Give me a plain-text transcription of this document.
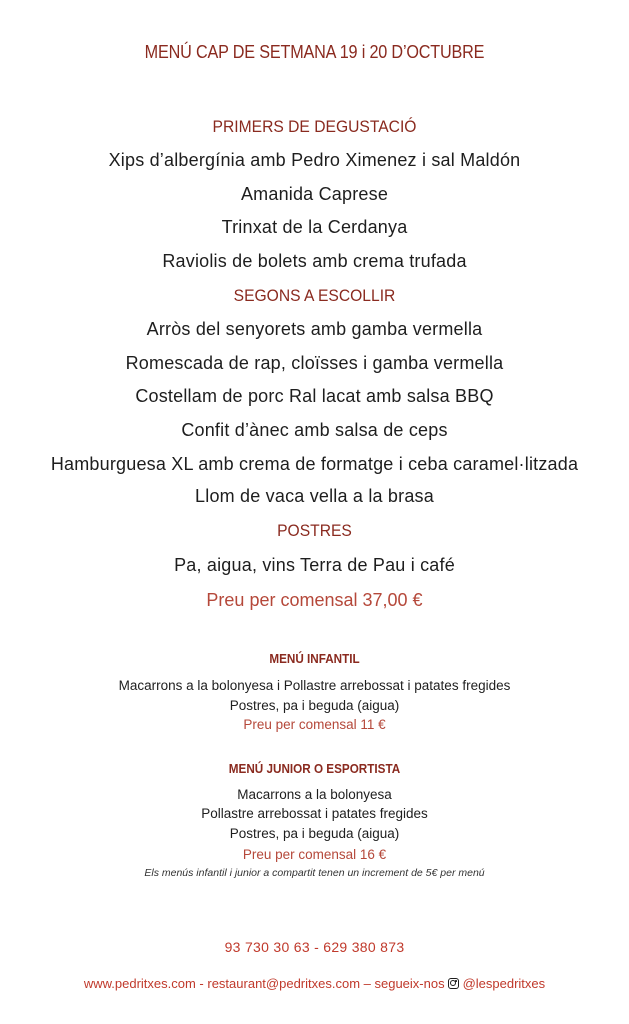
MENÚ CAP DE SETMANA 19 i 20 D’OCTUBRE
PRIMERS DE DEGUSTACIÓ
Xips d’albergínia amb Pedro Ximenez i sal Maldón
Amanida Caprese
Trinxat de la Cerdanya
Raviolis de bolets amb crema trufada
SEGONS A ESCOLLIR
Arròs del senyorets amb gamba vermella
Romescada de rap, cloïsses i gamba vermella
Costellam de porc Ral lacat amb salsa BBQ
Confit d’ànec amb salsa de ceps
Hamburguesa XL amb crema de formatge i ceba caramel·litzada
Llom de vaca vella a la brasa
POSTRES
Pa, aigua, vins Terra de Pau i café
Preu per comensal 37,00 €
MENÚ INFANTIL
Macarrons a la bolonyesa i Pollastre arrebossat i patates fregides
Postres, pa i beguda (aigua)
Preu per comensal 11 €
MENÚ JUNIOR O ESPORTISTA
Macarrons a la bolonyesa
Pollastre arrebossat i patates fregides
Postres, pa i beguda (aigua)
Preu per comensal 16 €
Els menús infantil i junior a compartit tenen un increment de 5€ per menú
93 730 30 63 - 629 380 873
www.pedritxes.com - restaurant@pedritxes.com – segueix-nos @lespedritxes
